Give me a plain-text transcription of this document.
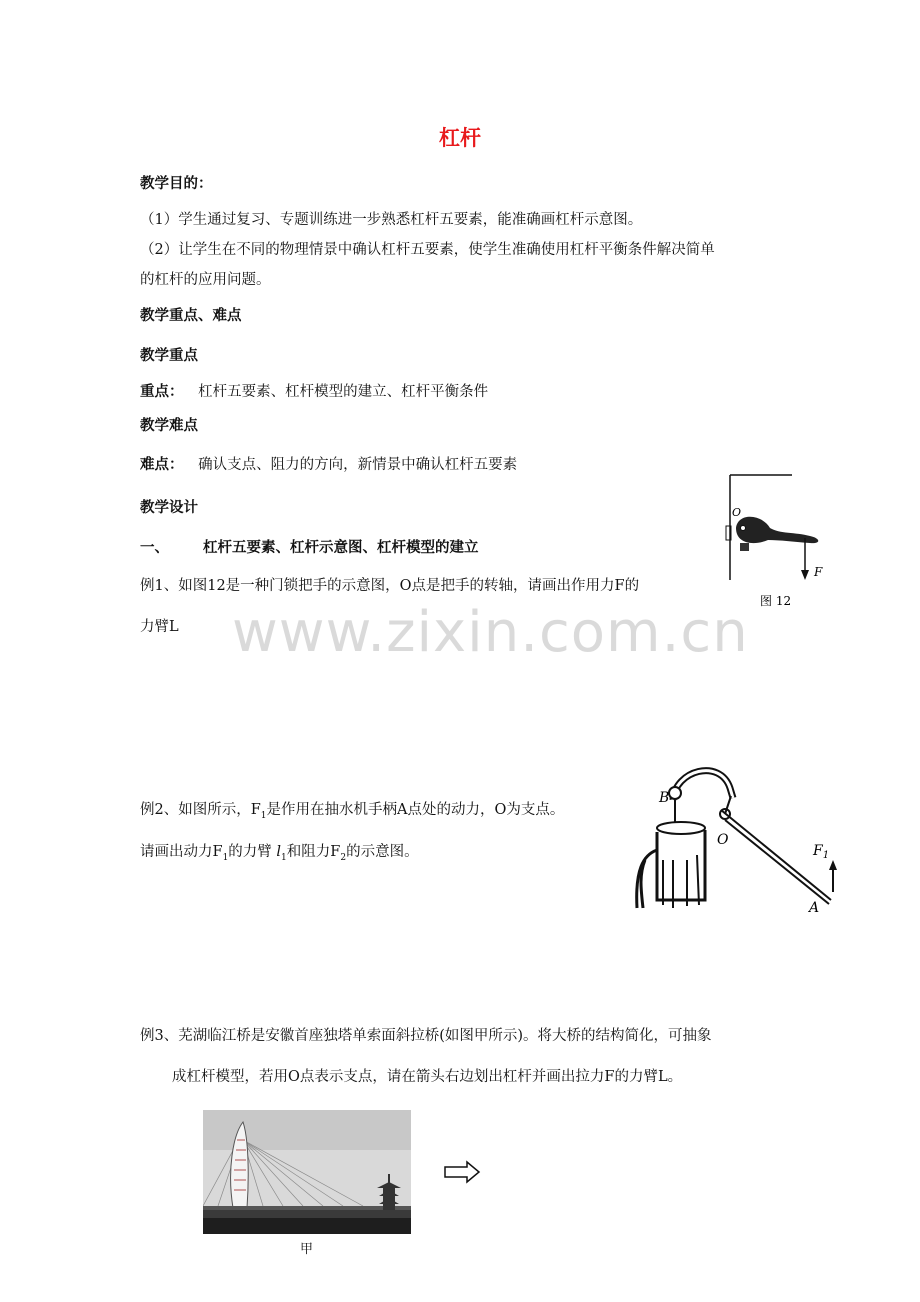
杠杆
教学目的：
（1）学生通过复习、专题训练进一步熟悉杠杆五要素，能准确画杠杆示意图。
（2）让学生在不同的物理情景中确认杠杆五要素，使学生准确使用杠杆平衡条件解决简单
的杠杆的应用问题。
教学重点、难点
教学重点
重点： 杠杆五要素、杠杆模型的建立、杠杆平衡条件
教学难点
难点： 确认支点、阻力的方向，新情景中确认杠杆五要素
教学设计
一、 杠杆五要素、杠杆示意图、杠杆模型的建立
例1、如图12是一种门锁把手的示意图，O点是把手的转轴，请画出作用力F的
力臂L
O
F
图 12
www.zixin.com.cn
例2、如图所示，$F_1$是作用在抽水机手柄A点处的动力，O为支点。
请画出动力$F_1$的力臂 $l_1$和阻力$F_2$的示意图。
B
O
$F_1$
A
例3、芜湖临江桥是安徽首座独塔单索面斜拉桥(如图甲所示)。将大桥的结构简化，可抽象
成杠杆模型，若用O点表示支点，请在箭头右边划出杠杆并画出拉力F的力臂L。
甲
